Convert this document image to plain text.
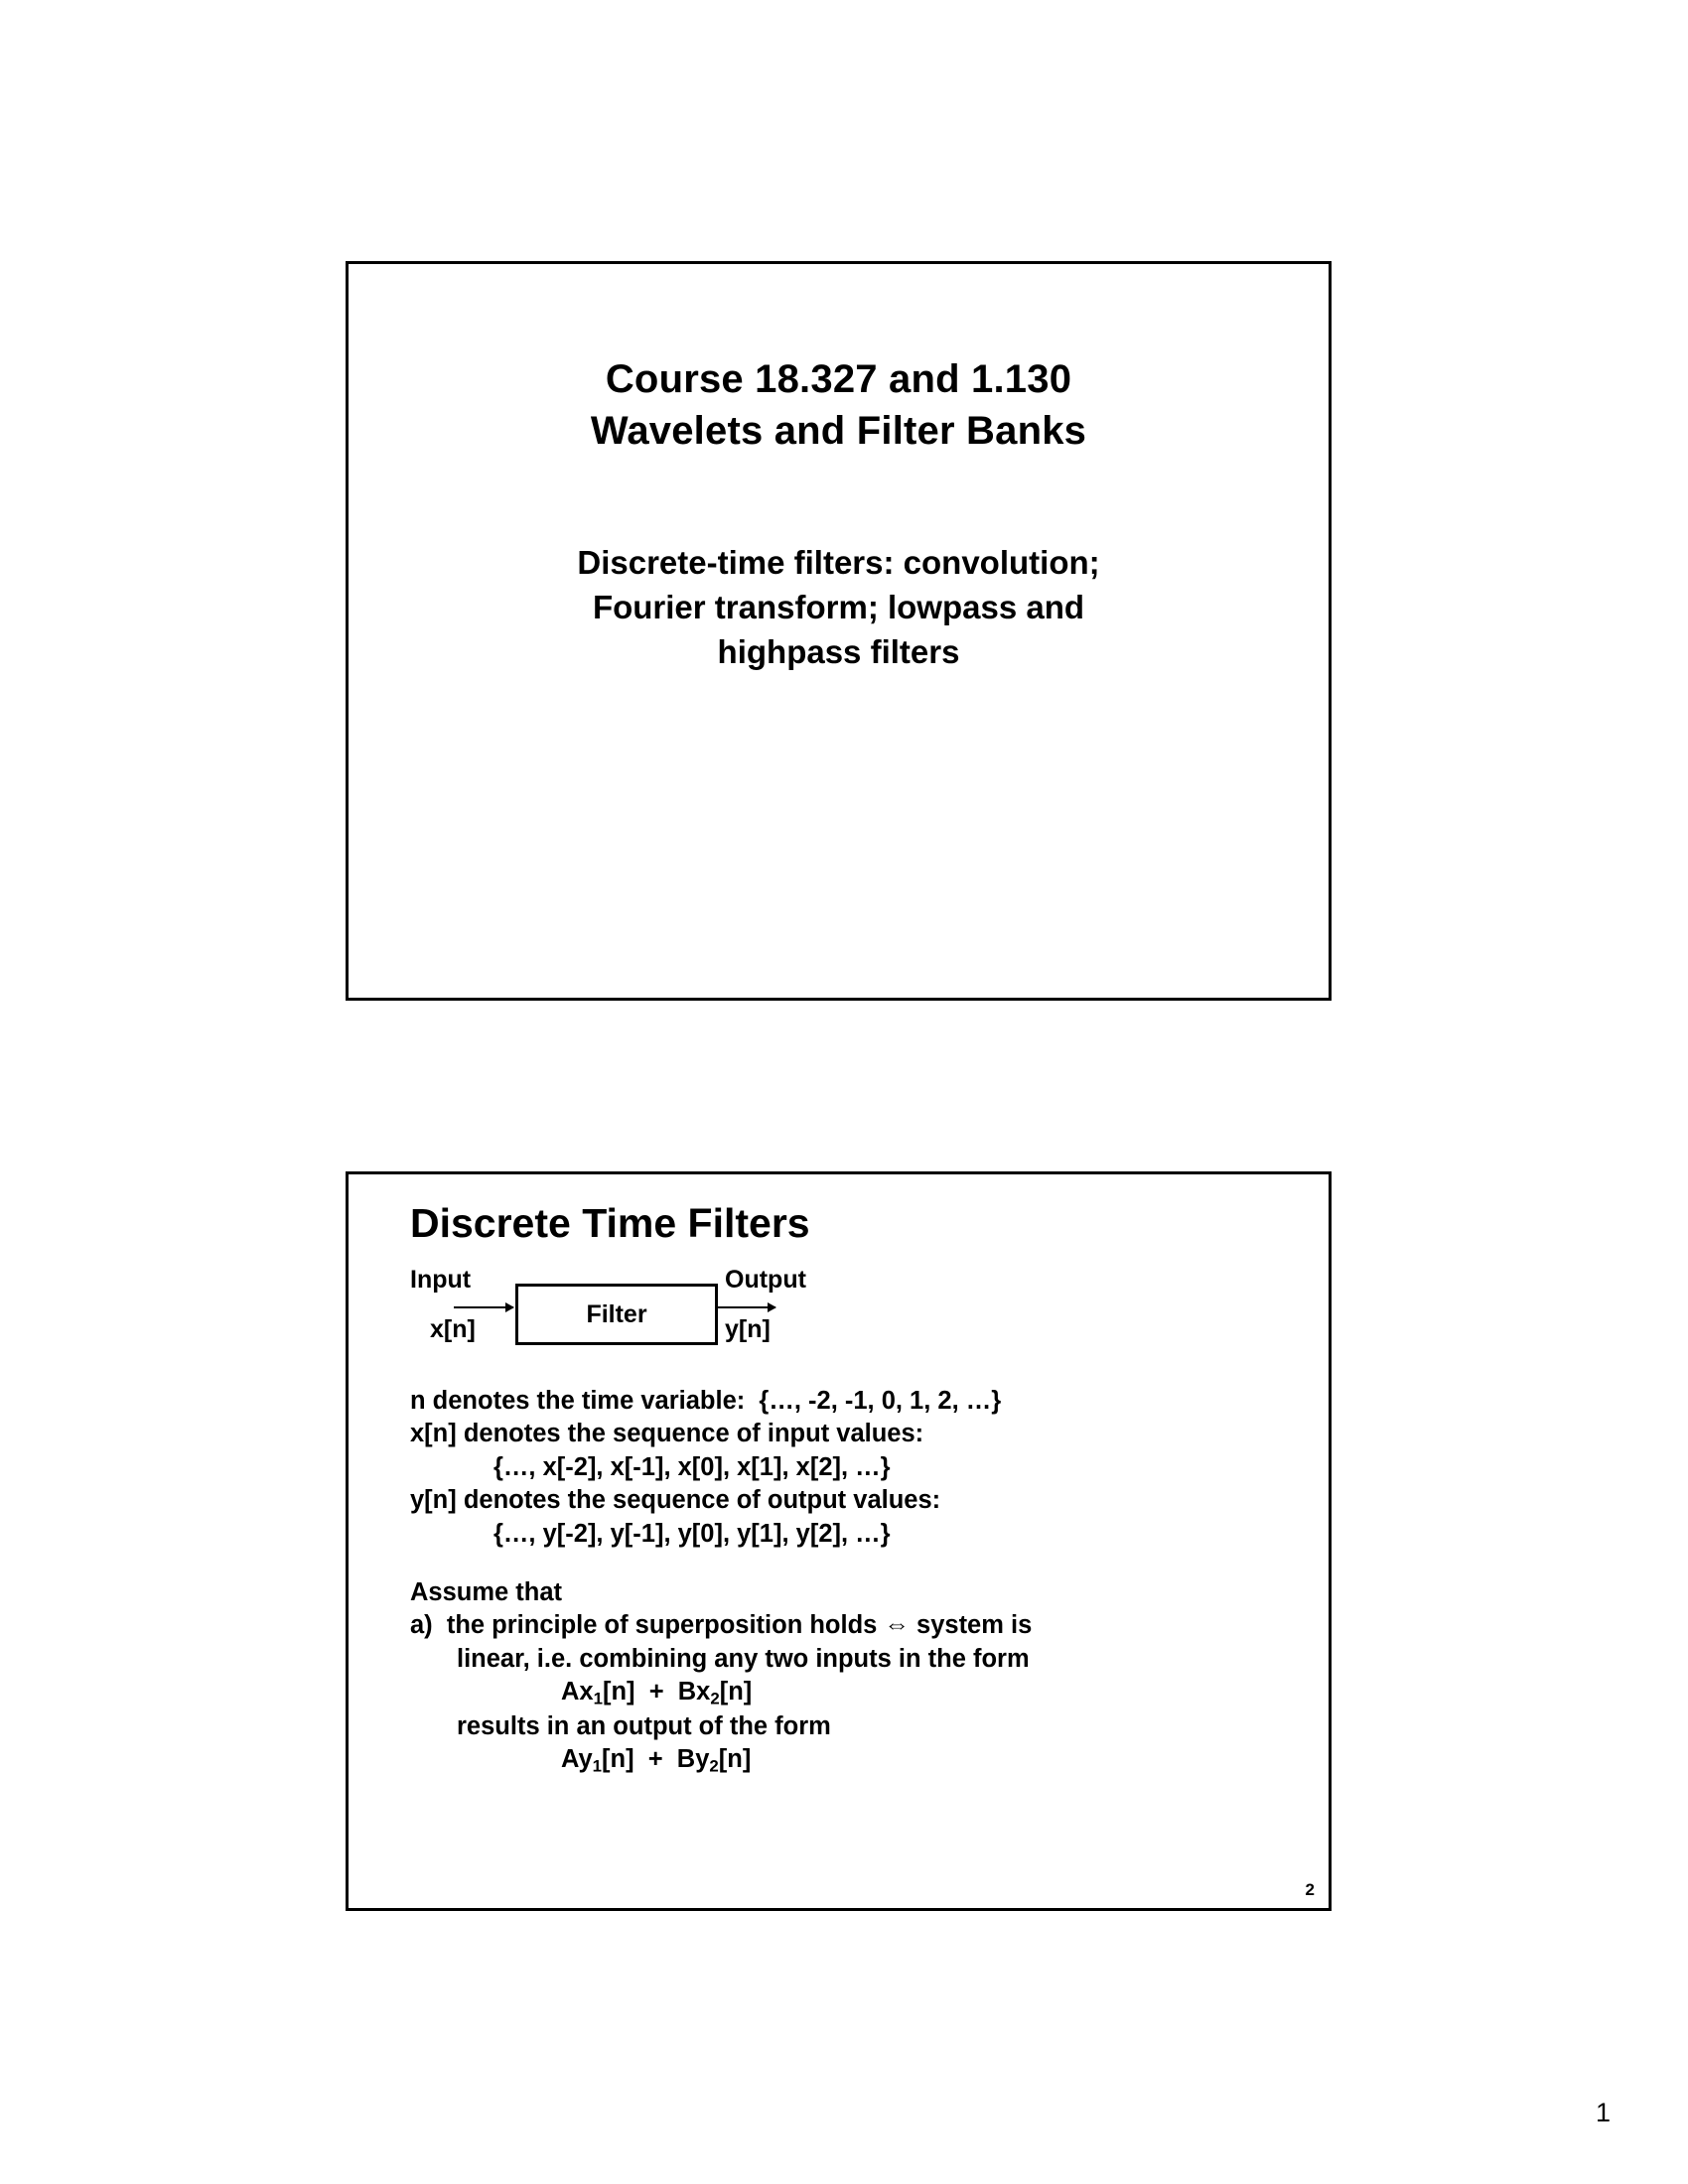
Course 18.327 and 1.130
Wavelets and Filter Banks
Discrete-time filters: convolution;
Fourier transform; lowpass and
highpass filters
Discrete Time Filters
Input
x[n]
Filter
Output
y[n]
n denotes the time variable:  {…, -2, -1, 0, 1, 2, …}
x[n] denotes the sequence of input values:
{…, x[-2], x[-1], x[0], x[1], x[2], …}
y[n] denotes the sequence of output values:
{…, y[-2], y[-1], y[0], y[1], y[2], …}
Assume that
a)  the principle of superposition holds ⇔ system is
linear, i.e. combining any two inputs in the form
$Ax_1[n] + Bx_2[n]$
results in an output of the form
$Ay_1[n] + By_2[n]$
2
1
